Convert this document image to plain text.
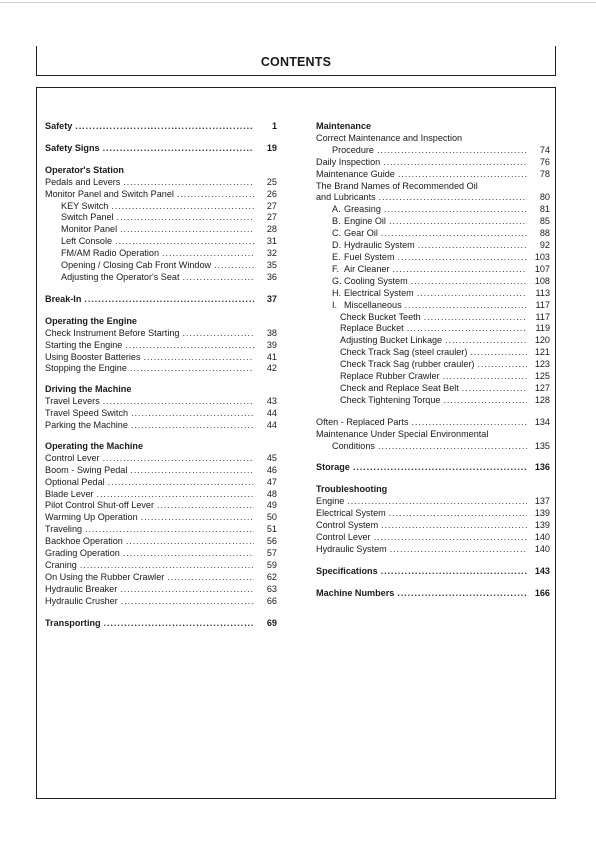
CONTENTS
Safety .....	1
Safety Signs .....	19
Operator's Station
Pedals and Levers .....	25
Monitor Panel and Switch Panel .....	26
KEY Switch .....	27
Switch Panel .....	27
Monitor Panel .....	28
Left Console .....	31
FM/AM Radio Operation .....	32
Opening / Closing Cab Front Window .....	35
Adjusting the Operator's Seat .....	36
Break-In .....	37
Operating the Engine
Check Instrument Before Starting .....	38
Starting the Engine .....	39
Using Booster Batteries .....	41
Stopping the Engine .....	42
Driving the Machine
Travel Levers .....	43
Travel Speed Switch .....	44
Parking the Machine .....	44
Operating the Machine
Control Lever .....	45
Boom - Swing Pedal .....	46
Optional Pedal .....	47
Blade Lever .....	48
Pilot Control Shut-off Lever .....	49
Warming Up Operation .....	50
Traveling .....	51
Backhoe Operation .....	56
Grading Operation .....	57
Craning .....	59
On Using the Rubber Crawler .....	62
Hydraulic Breaker .....	63
Hydraulic Crusher .....	66
Transporting .....	69
Maintenance
Correct Maintenance and Inspection
Procedure .....	74
Daily Inspection .....	76
Maintenance Guide .....	78
The Brand Names of Recommended Oil
and Lubricants .....	80
A. Greasing .....	81
B. Engine Oil .....	85
C. Gear Oil .....	88
D. Hydraulic System .....	92
E. Fuel System .....	103
F. Air Cleaner .....	107
G. Cooling System .....	108
H. Electrical System .....	113
I. Miscellaneous .....	117
Check Bucket Teeth .....	117
Replace Bucket .....	119
Adjusting Bucket Linkage .....	120
Check Track Sag (steel crauler) .....	121
Check Track Sag (rubber crauler) .....	123
Replace Rubber Crawler .....	125
Check and Replace Seat Belt .....	127
Check Tightening Torque .....	128
Often - Replaced Parts .....	134
Maintenance Under Special Environmental
Conditions .....	135
Storage .....	136
Troubleshooting
Engine .....	137
Electrical System .....	139
Control System .....	139
Control Lever .....	140
Hydraulic System .....	140
Specifications .....	143
Machine Numbers .....	166
